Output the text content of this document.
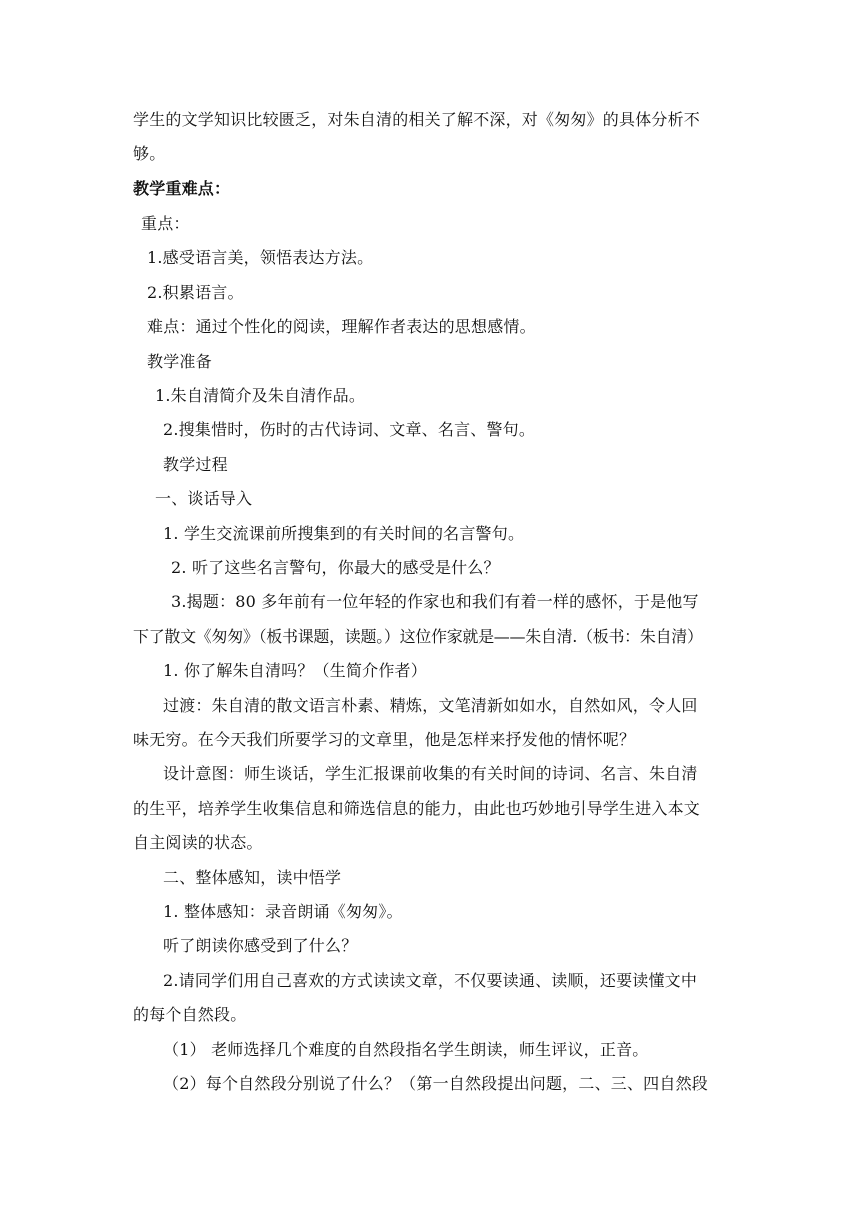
学生的文学知识比较匮乏，对朱自清的相关了解不深，对《匆匆》的具体分析不
够。
教学重难点：
重点：
1.感受语言美，领悟表达方法。
2.积累语言。
难点：通过个性化的阅读，理解作者表达的思想感情。
教学准备
1.朱自清简介及朱自清作品。
2.搜集惜时，伤时的古代诗词、文章、名言、警句。
教学过程
一、谈话导入
1. 学生交流课前所搜集到的有关时间的名言警句。
2. 听了这些名言警句，你最大的感受是什么？
3.揭题：80 多年前有一位年轻的作家也和我们有着一样的感怀，于是他写
下了散文《匆匆》（板书课题，读题。）这位作家就是——朱自清.（板书：朱自清）
1. 你了解朱自清吗？（生简介作者）
过渡：朱自清的散文语言朴素、精炼，文笔清新如如水，自然如风，令人回
味无穷。在今天我们所要学习的文章里，他是怎样来抒发他的情怀呢？
设计意图：师生谈话，学生汇报课前收集的有关时间的诗词、名言、朱自清
的生平，培养学生收集信息和筛选信息的能力，由此也巧妙地引导学生进入本文
自主阅读的状态。
二、整体感知，读中悟学
1. 整体感知：录音朗诵《匆匆》。
听了朗读你感受到了什么？
2.请同学们用自己喜欢的方式读读文章，不仅要读通、读顺，还要读懂文中
的每个自然段。
（1） 老师选择几个难度的自然段指名学生朗读，师生评议，正音。
（2）每个自然段分别说了什么？（第一自然段提出问题，二、三、四自然段
